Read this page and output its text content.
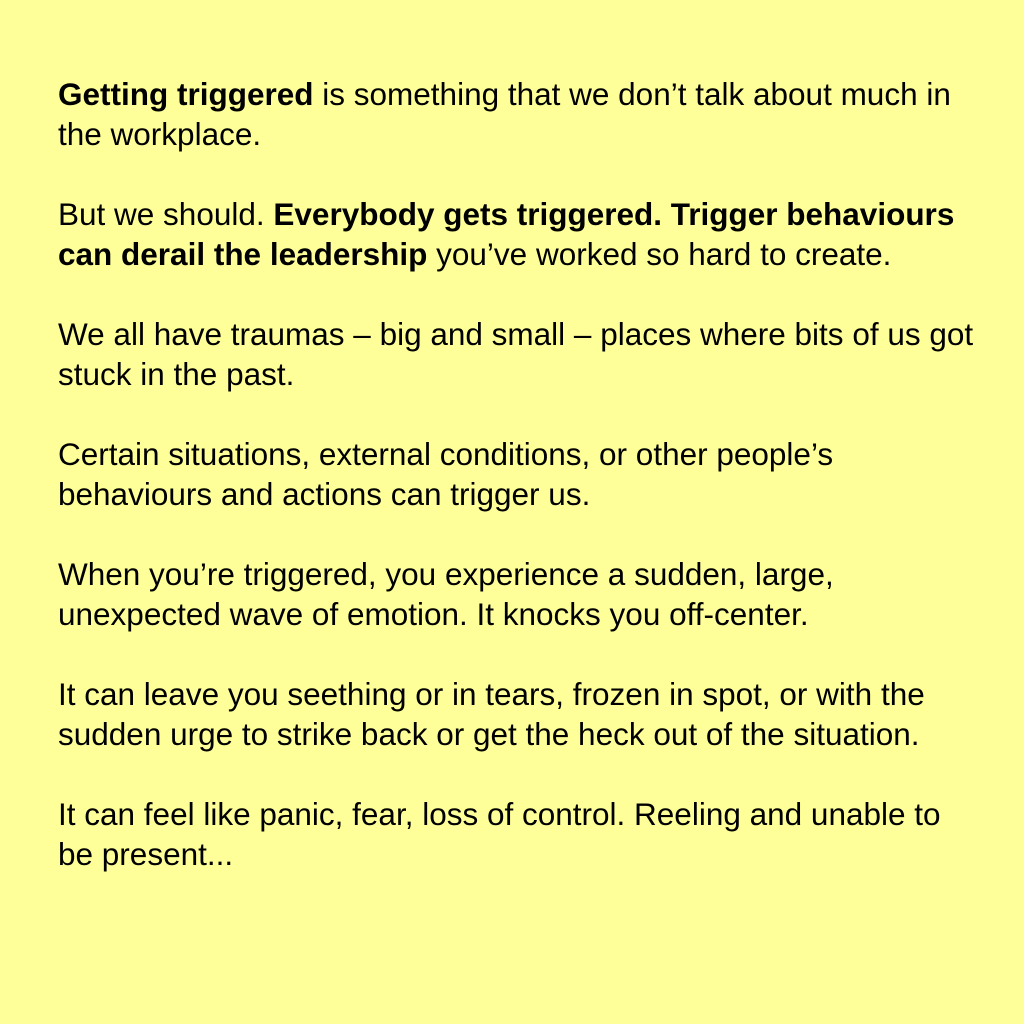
Getting triggered is something that we don’t talk about much in the workplace.

But we should. Everybody gets triggered. Trigger behaviours can derail the leadership you’ve worked so hard to create.

We all have traumas – big and small – places where bits of us got stuck in the past.

Certain situations, external conditions, or other people’s behaviours and actions can trigger us.

When you’re triggered, you experience a sudden, large, unexpected wave of emotion. It knocks you off-center.

It can leave you seething or in tears, frozen in spot, or with the sudden urge to strike back or get the heck out of the situation.

It can feel like panic, fear, loss of control. Reeling and unable to be present...
